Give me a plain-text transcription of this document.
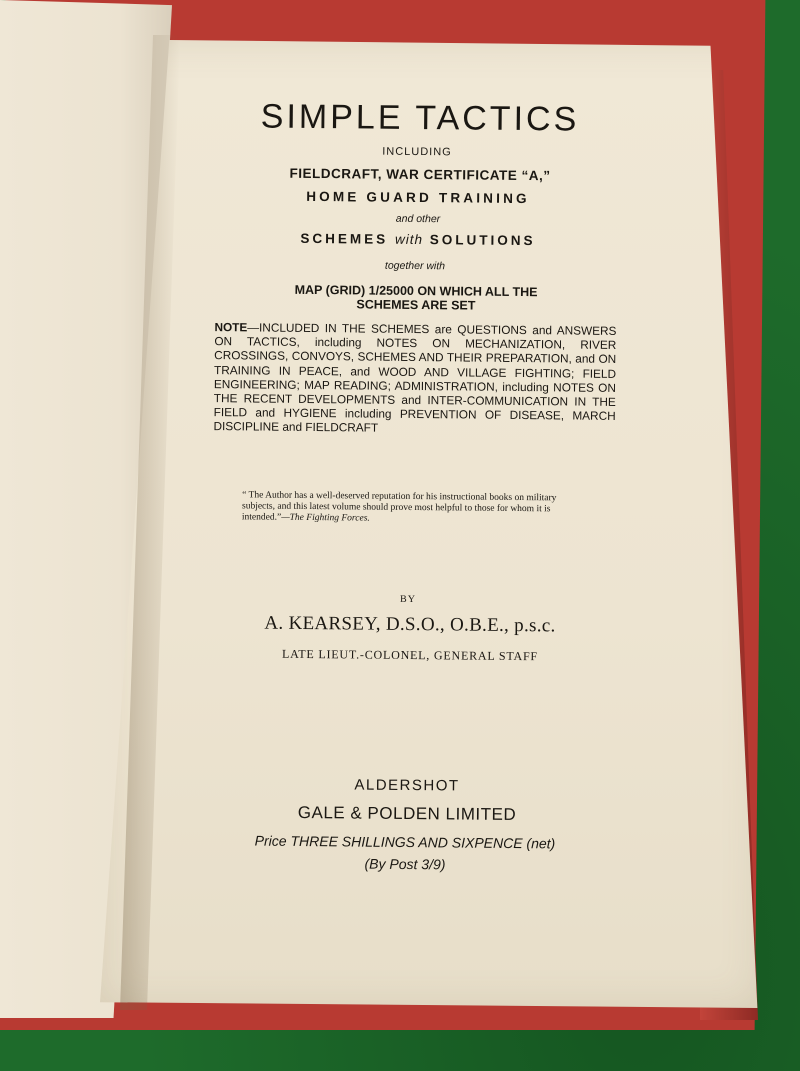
SIMPLE TACTICS
INCLUDING
FIELDCRAFT, WAR CERTIFICATE “A,”
HOME GUARD TRAINING
and other
SCHEMES with SOLUTIONS
together with
MAP (GRID) 1/25000 ON WHICH ALL THE
SCHEMES ARE SET
NOTE—INCLUDED IN THE SCHEMES are QUESTIONS and ANSWERS ON TACTICS, including NOTES ON MECHANIZATION, RIVER CROSSINGS, CONVOYS, SCHEMES AND THEIR PREPARATION, and ON TRAINING IN PEACE, and WOOD AND VILLAGE FIGHTING; FIELD ENGINEERING; MAP READING; ADMINISTRATION, including NOTES ON THE RECENT DEVELOPMENTS and INTER-COMMUNICATION IN THE FIELD and HYGIENE including PREVENTION OF DISEASE, MARCH DISCIPLINE and FIELDCRAFT
“ The Author has a well-deserved reputation for his instructional books on military subjects, and this latest volume should prove most helpful to those for whom it is intended.”—The Fighting Forces.
BY
A. KEARSEY, D.S.O., O.B.E., p.s.c.
LATE LIEUT.-COLONEL, GENERAL STAFF
ALDERSHOT
GALE & POLDEN LIMITED
Price THREE SHILLINGS AND SIXPENCE (net)
(By Post 3/9)
